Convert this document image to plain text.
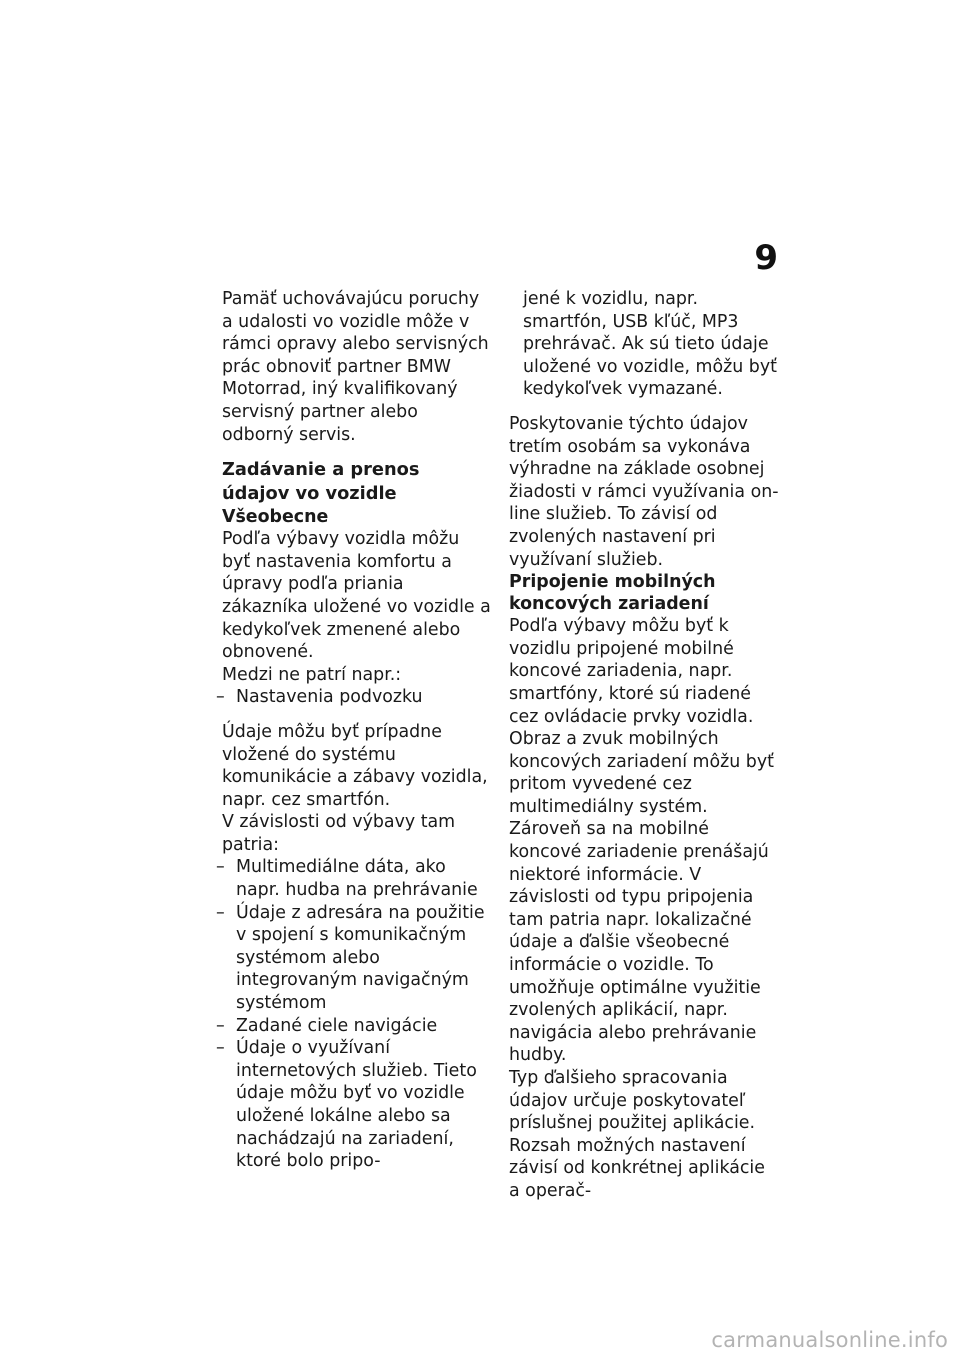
9

Pamäť uchovávajúcu poruchy a udalosti vo vozidle môže v rámci opravy alebo servisných prác obnoviť partner BMW Motorrad, iný kvalifikovaný servisný partner alebo odborný servis.

Zadávanie a prenos údajov vo vozidle
Všeobecne

Podľa výbavy vozidla môžu byť nastavenia komfortu a úpravy podľa priania zákazníka uložené vo vozidle a kedykoľvek zmenené alebo obnovené.

Medzi ne patrí napr.:

– Nastavenia podvozku

Údaje môžu byť prípadne vložené do systému komunikácie a zábavy vozidla, napr. cez smartfón.

V závislosti od výbavy tam patria:

– Multimediálne dáta, ako napr. hudba na prehrávanie
– Údaje z adresára na použitie v spojení s komunikačným systémom alebo integrovaným navigačným systémom
– Zadané ciele navigácie
– Údaje o využívaní internetových služieb. Tieto údaje môžu byť vo vozidle uložené lokálne alebo sa nachádzajú na zariadení, ktoré bolo pripo-

jené k vozidlu, napr. smartfón, USB kľúč, MP3 prehrávač. Ak sú tieto údaje uložené vo vozidle, môžu byť kedykoľvek vymazané.

Poskytovanie týchto údajov tretím osobám sa vykonáva výhradne na základe osobnej žiadosti v rámci využívania on-line služieb. To závisí od zvolených nastavení pri využívaní služieb.

Pripojenie mobilných koncových zariadení

Podľa výbavy môžu byť k vozidlu pripojené mobilné koncové zariadenia, napr. smartfóny, ktoré sú riadené cez ovládacie prvky vozidla.

Obraz a zvuk mobilných koncových zariadení môžu byť pritom vyvedené cez multimediálny systém. Zároveň sa na mobilné koncové zariadenie prenášajú niektoré informácie. V závislosti od typu pripojenia tam patria napr. lokalizačné údaje a ďalšie všeobecné informácie o vozidle. To umožňuje optimálne využitie zvolených aplikácií, napr. navigácia alebo prehrávanie hudby.

Typ ďalšieho spracovania údajov určuje poskytovateľ príslušnej použitej aplikácie. Rozsah možných nastavení závisí od konkrétnej aplikácie a operač-

carmanualsonline.info
